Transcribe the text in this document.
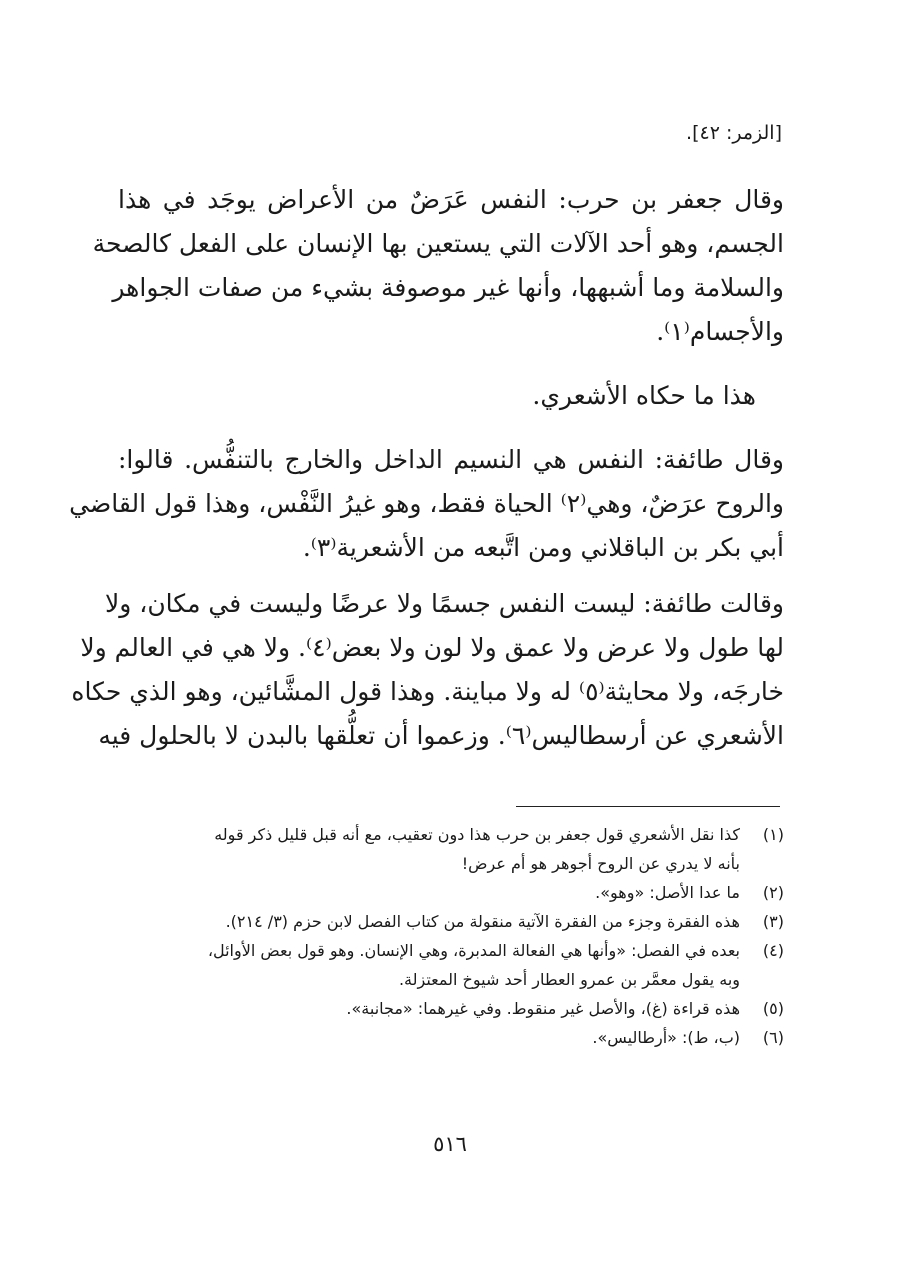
[الزمر: ٤٢].
وقال جعفر بن حرب: النفس عَرَضٌ من الأعراض يوجَد في هذا
الجسم، وهو أحد الآلات التي يستعين بها الإنسان على الفعل كالصحة
والسلامة وما أشبهها، وأنها غير موصوفة بشيء من صفات الجواهر
والأجسام⁽١⁾.
هذا ما حكاه الأشعري.
وقال طائفة: النفس هي النسيم الداخل والخارج بالتنفُّس. قالوا:
والروح عرَضٌ، وهي⁽٢⁾ الحياة فقط، وهو غيرُ النَّفْس، وهذا قول القاضي
أبي بكر بن الباقلاني ومن اتَّبعه من الأشعرية⁽٣⁾.
وقالت طائفة: ليست النفس جسمًا ولا عرضًا وليست في مكان، ولا
لها طول ولا عرض ولا عمق ولا لون ولا بعض⁽٤⁾. ولا هي في العالم ولا
خارجَه، ولا محايثة⁽٥⁾ له ولا مباينة. وهذا قول المشَّائين، وهو الذي حكاه
الأشعري عن أرسطاليس⁽٦⁾. وزعموا أن تعلُّقها بالبدن لا بالحلول فيه
(١)
كذا نقل الأشعري قول جعفر بن حرب هذا دون تعقيب، مع أنه قبل قليل ذكر قوله
بأنه لا يدري عن الروح أجوهر هو أم عرض!
(٢)
ما عدا الأصل: «وهو».
(٣)
هذه الفقرة وجزء من الفقرة الآتية منقولة من كتاب الفصل لابن حزم (٣/ ٢١٤).
(٤)
بعده في الفصل: «وأنها هي الفعالة المدبرة، وهي الإنسان. وهو قول بعض الأوائل،
وبه يقول معمَّر بن عمرو العطار أحد شيوخ المعتزلة.
(٥)
هذه قراءة (غ)، والأصل غير منقوط. وفي غيرهما: «مجانبة».
(٦)
(ب، ط): «أرطاليس».
٥١٦
